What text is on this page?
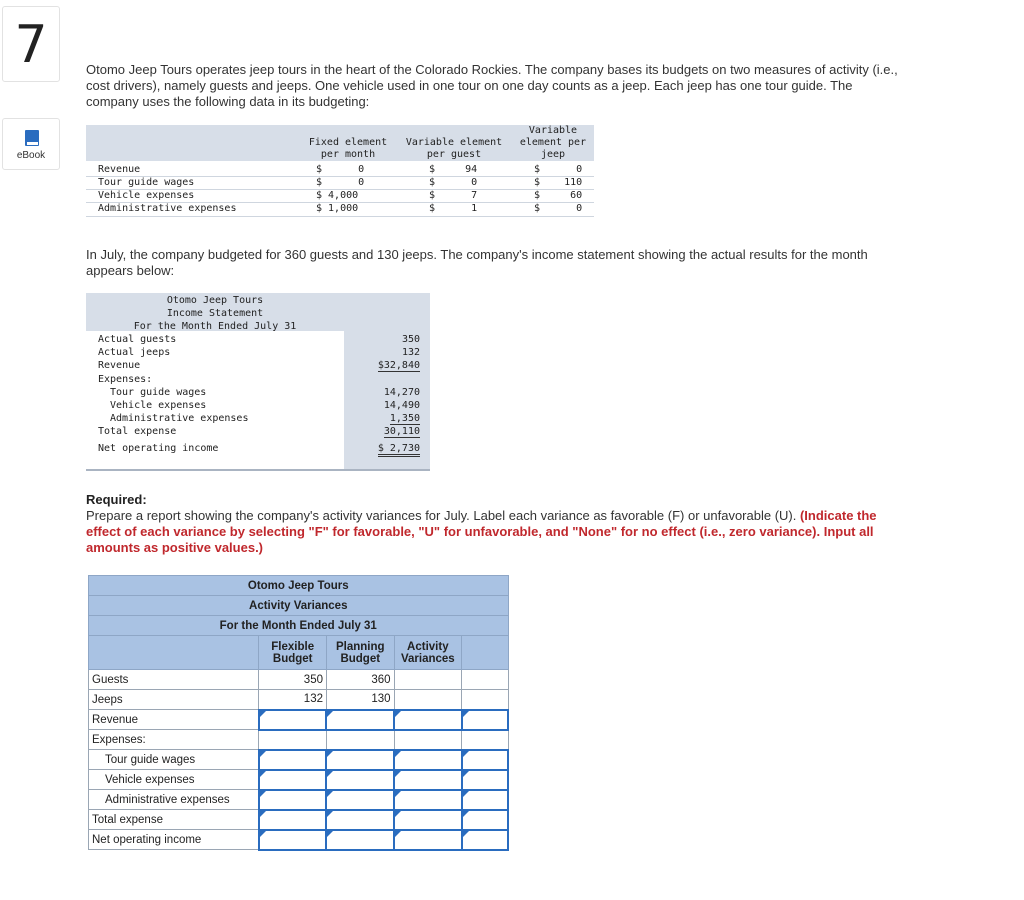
7
eBook
Otomo Jeep Tours operates jeep tours in the heart of the Colorado Rockies. The company bases its budgets on two measures of activity (i.e., cost drivers), namely guests and jeeps. One vehicle used in one tour on one day counts as a jeep. Each jeep has one tour guide. The company uses the following data in its budgeting:

Fixed element
per month

Variable element
per guest
Variable
element per
jeep
Revenue	$      0	$     94	$      0
Tour guide wages	$      0	$      0	$    110
Vehicle expenses	$ 4,000	$      7	$     60
Administrative expenses	$ 1,000	$      1	$      0
In July, the company budgeted for 360 guests and 130 jeeps. The company's income statement showing the actual results for the month appears below:
Otomo Jeep Tours
Income Statement
For the Month Ended July 31
Actual guests	350
Actual jeeps	132
Revenue	$32,840
Expenses:
Tour guide wages	14,270
Vehicle expenses	14,490
Administrative expenses	1,350
Total expense	30,110
Net operating income	$ 2,730
Required:
Prepare a report showing the company's activity variances for July. Label each variance as favorable (F) or unfavorable (U). (Indicate the effect of each variance by selecting "F" for favorable, "U" for unfavorable, and "None" for no effect (i.e., zero variance). Input all amounts as positive values.)
Otomo Jeep Tours				
Activity Variances				
For the Month Ended July 31				
	Flexible Budget	Planning Budget	Activity Variances	
Guests	350	360		
Jeeps	132	130		
Revenue				
Expenses:				
Tour guide wages				
Vehicle expenses				
Administrative expenses				
Total expense				
Net operating income				
